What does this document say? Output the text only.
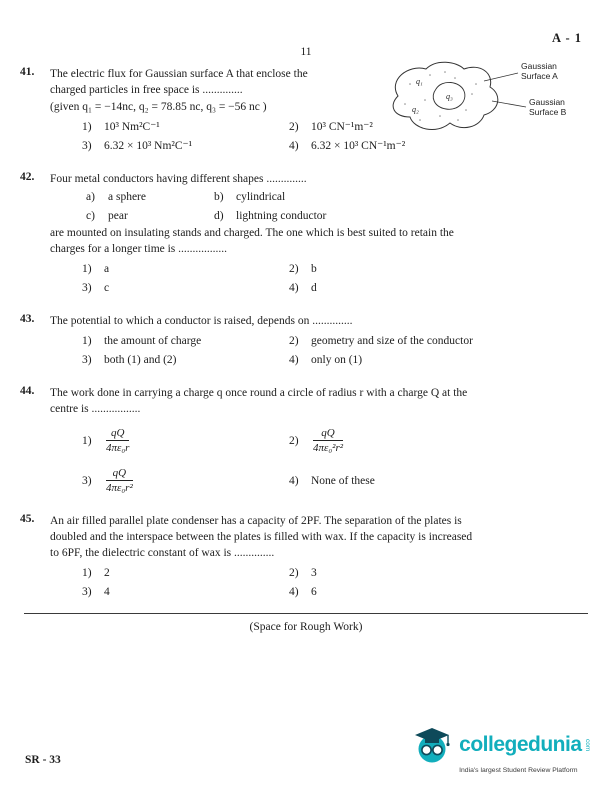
11
A - 1
41.	The electric flux for Gaussian surface A that enclose the
charged particles in free space is ..............
(given q₁ = −14nc, q₂ = 78.85 nc, q₃ = −56 nc )
1) 10³ Nm²C⁻¹	2) 10³ CN⁻¹m⁻²
3) 6.32 × 10³ Nm²C⁻¹	4) 6.32 × 10³ CN⁻¹m⁻²
q₁
q₃
q₂
Gaussian
Surface A
Gaussian
Surface B
42.	Four metal conductors having different shapes ..............
a) a sphere	b) cylindrical
c) pear	d) lightning conductor
are mounted on insulating stands and charged. The one which is best suited to retain the
charges for a longer time is .................
1) a	2) b
3) c	4) d
43.	The potential to which a conductor is raised, depends on ..............
1) the amount of charge	2) geometry and size of the conductor
3) both (1) and (2)	4) only on (1)
44.	The work done in carrying a charge q once round a circle of radius r with a charge Q at the
centre is .................
1)	$\frac{qQ}{\text{4πε₀r}}$	2)	$\frac{qQ}{\text{4πε₀²r²}}$
3)	$\frac{qQ}{\text{4πε₀r²}}$	4)	None of these
45.	An air filled parallel plate condenser has a capacity of 2PF. The separation of the plates is
doubled and the interspace between the plates is filled with wax. If the capacity is increased
to 6PF, the dielectric constant of wax is ..............
1) 2	2) 3
3) 4	4) 6
(Space for Rough Work)
SR - 33
collegedunia com
India's largest Student Review Platform
